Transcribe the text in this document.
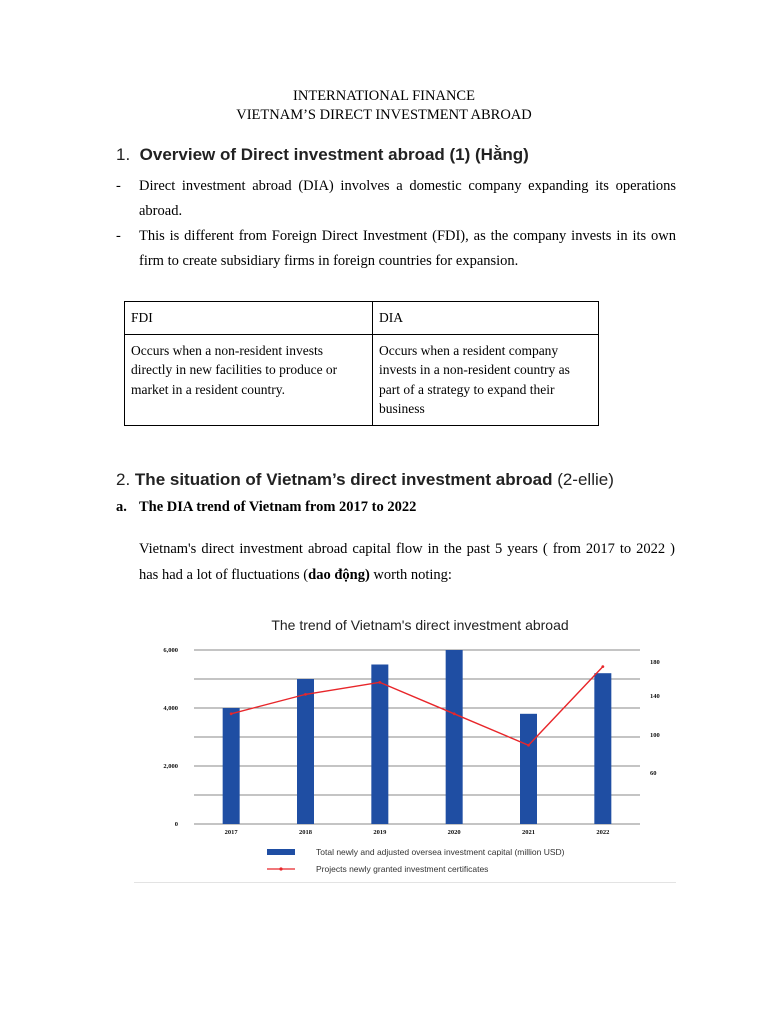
INTERNATIONAL FINANCE
VIETNAM’S DIRECT INVESTMENT ABROAD
1. Overview of Direct investment abroad (1) (Hằng)
- Direct investment abroad (DIA) involves a domestic company expanding its operations abroad.
- This is different from Foreign Direct Investment (FDI), as the company invests in its own firm to create subsidiary firms in foreign countries for expansion.
FDI	DIA
Occurs when a non-resident invests directly in new facilities to produce or market in a resident country.	Occurs when a resident company invests in a non-resident country as part of a strategy to expand their business
2. The situation of Vietnam’s direct investment abroad (2-ellie)
a. The DIA trend of Vietnam from 2017 to 2022
Vietnam's direct investment abroad capital flow in the past 5 years ( from 2017 to 2022 ) has had a lot of fluctuations (dao động) worth noting:
The trend of Vietnam's direct investment abroad
0
2,000
4,000
6,000
60
100
140
180
2017	2018	2019	2020	2021	2022
Total newly and adjusted oversea investment capital (million USD)
Projects newly granted investment certificates
